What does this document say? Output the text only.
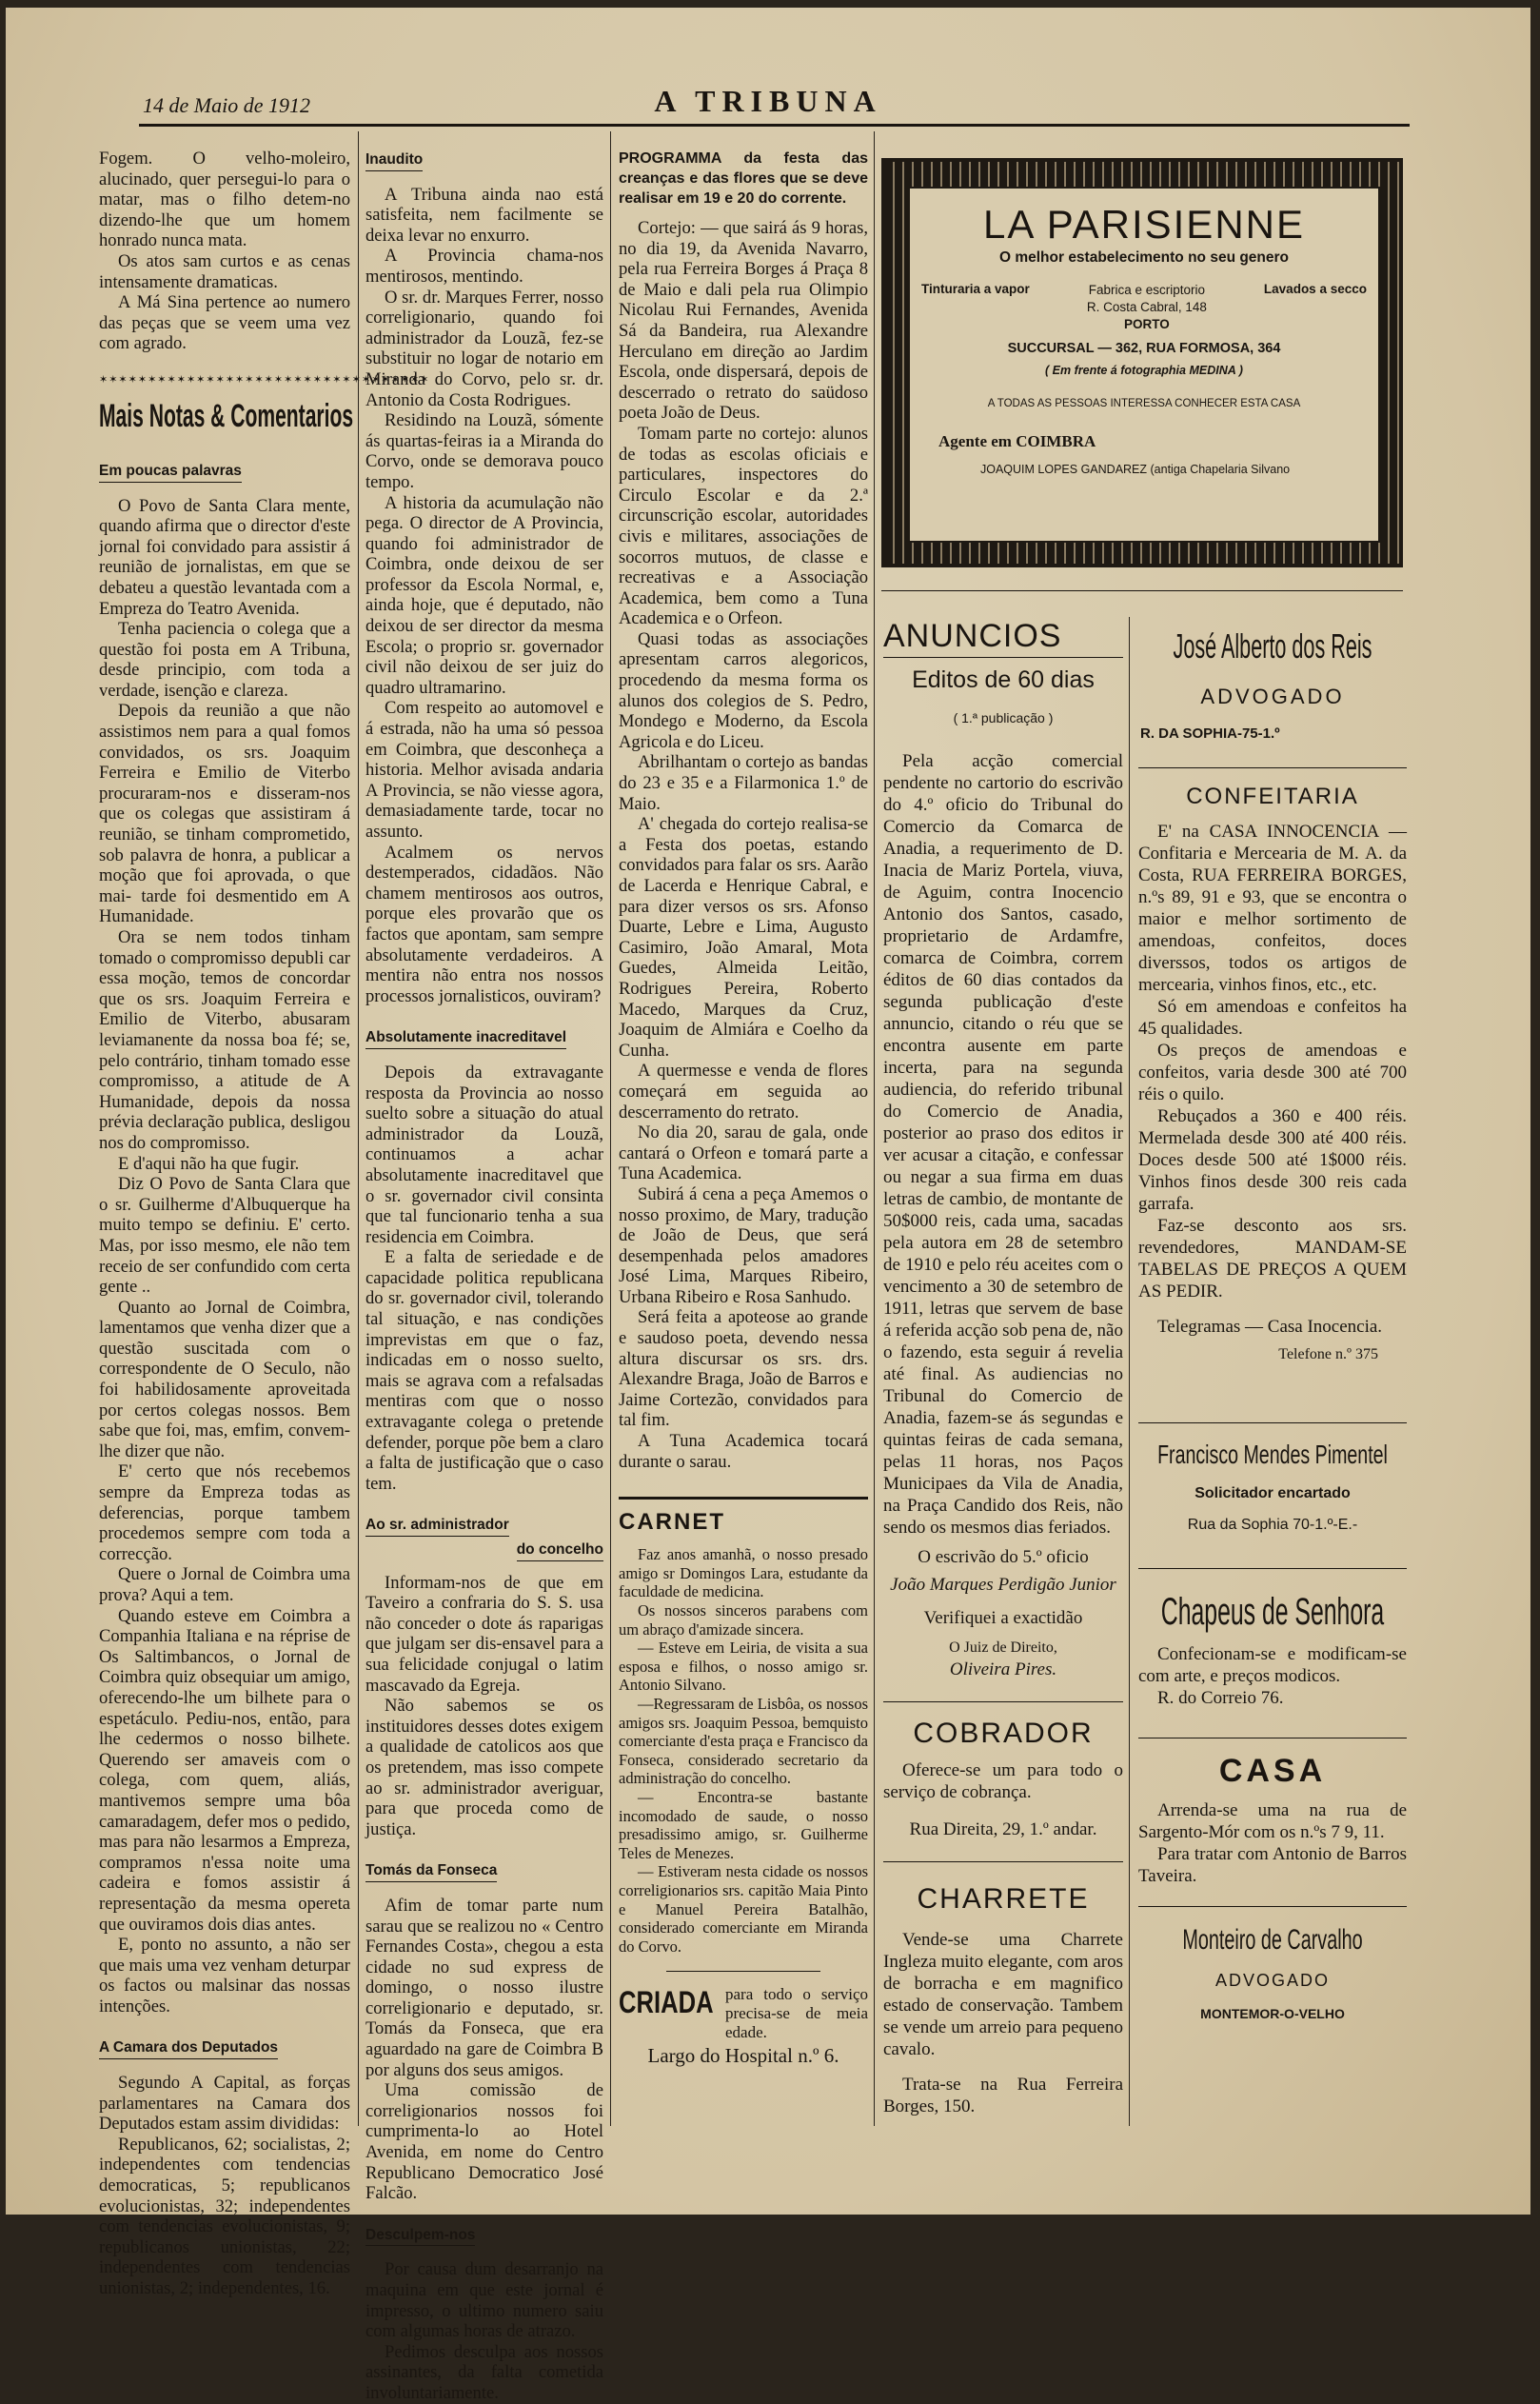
14 de Maio de 1912	A TRIBUNA

Fogem. O velho-moleiro, alucinado, quer persegui-lo para o matar, mas o filho detem-no dizendo-lhe que um homem honrado nunca mata.

Os atos sam curtos e as cenas intensamente dramaticas.

A Má Sina pertence ao numero das peças que se veem uma vez com agrado.

✶✶✶✶✶✶✶✶✶✶✶✶✶✶✶✶✶✶✶✶✶✶✶✶✶✶✶✶✶✶✶✶✶✶
Mais Notas & Comentarios
Em poucas palavras

O Povo de Santa Clara mente, quando afirma que o director d'este jornal foi convidado para assistir á reunião de jornalistas, em que se debateu a questão levantada com a Empreza do Teatro Avenida.

Tenha paciencia o colega que a questão foi posta em A Tribuna, desde principio, com toda a verdade, isenção e clareza.

Depois da reunião a que não assistimos nem para a qual fomos convidados, os srs. Joaquim Ferreira e Emilio de Viterbo procuraram-nos e disseram-nos que os colegas que assistiram á reunião, se tinham comprometido, sob palavra de honra, a publicar a moção que foi aprovada, o que mai- tarde foi desmentido em A Humanidade.

Ora se nem todos tinham tomado o compromisso depubli car essa moção, temos de concordar que os srs. Joaquim Ferreira e Emilio de Viterbo, abusaram leviamanente da nossa boa fé; se, pelo contrário, tinham tomado esse compromisso, a atitude de A Humanidade, depois da nossa prévia declaração publica, desligou nos do compromisso.

E d'aqui não ha que fugir.

Diz O Povo de Santa Clara que o sr. Guilherme d'Albuquerque ha muito tempo se definiu. E' certo. Mas, por isso mesmo, ele não tem receio de ser confundido com certa gente ..

Quanto ao Jornal de Coimbra, lamentamos que venha dizer que a questão suscitada com o correspondente de O Seculo, não foi habilidosamente aproveitada por certos colegas nossos. Bem sabe que foi, mas, emfim, convem-lhe dizer que não.

E' certo que nós recebemos sempre da Empreza todas as deferencias, porque tambem procedemos sempre com toda a correcção.

Quere o Jornal de Coimbra uma prova? Aqui a tem.

Quando esteve em Coimbra a Companhia Italiana e na réprise de Os Saltimbancos, o Jornal de Coimbra quiz obsequiar um amigo, oferecendo-lhe um bilhete para o espetáculo. Pediu-nos, então, para lhe cedermos o nosso bilhete. Querendo ser amaveis com o colega, com quem, aliás, mantivemos sempre uma bôa camaradagem, defer mos o pedido, mas para não lesarmos a Empreza, compramos n'essa noite uma cadeira e fomos assistir á representação da mesma opereta que ouviramos dois dias antes.

E, ponto no assunto, a não ser que mais uma vez venham deturpar os factos ou malsinar das nossas intenções.

A Camara dos Deputados

Segundo A Capital, as forças parlamentares na Camara dos Deputados estam assim divididas:

Republicanos, 62; socialistas, 2; independentes com tendencias democraticas, 5; republicanos evolucionistas, 32; independentes com tendencias evolucionistas, 9; republicanos unionistas, 22; independentes com tendencias unionistas, 2; independentes, 16.

Inaudito

A Tribuna ainda nao está satisfeita, nem facilmente se deixa levar no enxurro.

A Provincia chama-nos mentirosos, mentindo.

O sr. dr. Marques Ferrer, nosso correligionario, quando foi administrador da Louzã, fez-se substituir no logar de notario em Miranda do Corvo, pelo sr. dr. Antonio da Costa Rodrigues.

Residindo na Louzã, sómente ás quartas-feiras ia a Miranda do Corvo, onde se demorava pouco tempo.

A historia da acumulação não pega. O director de A Provincia, quando foi administrador de Coimbra, onde deixou de ser professor da Escola Normal, e, ainda hoje, que é deputado, não deixou de ser director da mesma Escola; o proprio sr. governador civil não deixou de ser juiz do quadro ultramarino.

Com respeito ao automovel e á estrada, não ha uma só pessoa em Coimbra, que desconheça a historia. Melhor avisada andaria A Provincia, se não viesse agora, demasiadamente tarde, tocar no assunto.

Acalmem os nervos destemperados, cidadãos. Não chamem mentirosos aos outros, porque eles provarão que os factos que apontam, sam sempre absolutamente verdadeiros. A mentira não entra nos nossos processos jornalisticos, ouviram?

Absolutamente inacreditavel

Depois da extravagante resposta da Provincia ao nosso suelto sobre a situação do atual administrador da Louzã, continuamos a achar absolutamente inacreditavel que o sr. governador civil consinta que tal funcionario tenha a sua residencia em Coimbra.

E a falta de seriedade e de capacidade politica republicana do sr. governador civil, tolerando tal situação, e nas condições imprevistas em que o faz, indicadas em o nosso suelto, mais se agrava com a refalsadas mentiras com que o nosso extravagante colega o pretende defender, porque põe bem a claro a falta de justificação que o caso tem.

Ao sr. administrador
do concelho

Informam-nos de que em Taveiro a confraria do S. S. usa não conceder o dote ás raparigas que julgam ser dis-ensavel para a sua felicidade conjugal o latim mascavado da Egreja.

Não sabemos se os instituidores desses dotes exigem a qualidade de catolicos aos que os pretendem, mas isso compete ao sr. administrador averiguar, para que proceda como de justiça.

Tomás da Fonseca

Afim de tomar parte num sarau que se realizou no « Centro Fernandes Costa», chegou a esta cidade no sud express de domingo, o nosso ilustre correligionario e deputado, sr. Tomás da Fonseca, que era aguardado na gare de Coimbra B por alguns dos seus amigos.

Uma comissão de correligionarios nossos foi cumprimenta-lo ao Hotel Avenida, em nome do Centro Republicano Democratico José Falcão.

Desculpem-nos

Por causa dum desarranjo na maquina em que este jornal é impresso, o ultimo numero saiu com algumas horas de atrazo.

Pedimos desculpa aos nossos assinantes, da falta cometida involuntariamente.

PROGRAMMA da festa das creanças e das flores que se deve realisar em 19 e 20 do corrente.

Cortejo: — que sairá ás 9 horas, no dia 19, da Avenida Navarro, pela rua Ferreira Borges á Praça 8 de Maio e dali pela rua Olimpio Nicolau Rui Fernandes, Avenida Sá da Bandeira, rua Alexandre Herculano em direção ao Jardim Escola, onde dispersará, depois de descerrado o retrato do saüdoso poeta João de Deus.

Tomam parte no cortejo: alunos de todas as escolas oficiais e particulares, inspectores do Circulo Escolar e da 2.ª circunscrição escolar, autoridades civis e militares, associações de socorros mutuos, de classe e recreativas e a Associação Academica, bem como a Tuna Academica e o Orfeon.

Quasi todas as associações apresentam carros alegoricos, procedendo da mesma forma os alunos dos colegios de S. Pedro, Mondego e Moderno, da Escola Agricola e do Liceu.

Abrilhantam o cortejo as bandas do 23 e 35 e a Filarmonica 1.º de Maio.

A' chegada do cortejo realisa-se a Festa dos poetas, estando convidados para falar os srs. Aarão de Lacerda e Henrique Cabral, e para dizer versos os srs. Afonso Duarte, Lebre e Lima, Augusto Casimiro, João Amaral, Mota Guedes, Almeida Leitão, Rodrigues Pereira, Roberto Macedo, Marques da Cruz, Joaquim de Almiára e Coelho da Cunha.

A quermesse e venda de flores começará em seguida ao descerramento do retrato.

No dia 20, sarau de gala, onde cantará o Orfeon e tomará parte a Tuna Academica.

Subirá á cena a peça Amemos o nosso proximo, de Mary, tradução de João de Deus, que será desempenhada pelos amadores José Lima, Marques Ribeiro, Urbana Ribeiro e Rosa Sanhudo.

Será feita a apoteose ao grande e saudoso poeta, devendo nessa altura discursar os srs. drs. Alexandre Braga, João de Barros e Jaime Cortezão, convidados para tal fim.

A Tuna Academica tocará durante o sarau.

CARNET

Faz anos amanhã, o nosso presado amigo sr Domingos Lara, estudante da faculdade de medicina.

Os nossos sinceros parabens com um abraço d'amizade sincera.

— Esteve em Leiria, de visita a sua esposa e filhos, o nosso amigo sr. Antonio Silvano.

—Regressaram de Lisbôa, os nossos amigos srs. Joaquim Pessoa, bemquisto comerciante d'esta praça e Francisco da Fonseca, considerado secretario da administração do concelho.

— Encontra-se bastante incomodado de saude, o nosso presadissimo amigo, sr. Guilherme Teles de Menezes.

— Estiveram nesta cidade os nossos correligionarios srs. capitão Maia Pinto e Manuel Pereira Batalhão, considerado comerciante em Miranda do Corvo.

CRIADA para todo o serviço precisa-se de meia edade.

Largo do Hospital n.º 6.

LA PARISIENNE
O melhor estabelecimento no seu genero
Tinturaria a vapor	Fabrica e escriptorio
R. Costa Cabral, 148
PORTO
Lavados a secco
SUCCURSAL — 362, RUA FORMOSA, 364
( Em frente á fotographia MEDINA )
A TODAS AS PESSOAS INTERESSA CONHECER ESTA CASA
Agente em COIMBRA
JOAQUIM LOPES GANDAREZ (antiga Chapelaria Silvano
ANUNCIOS
Editos de 60 dias
( 1.ª publicação )

Pela acção comercial pendente no cartorio do escrivão do 4.º oficio do Tribunal do Comercio da Comarca de Anadia, a requerimento de D. Inacia de Mariz Portela, viuva, de Aguim, contra Inocencio Antonio dos Santos, casado, proprietario de Ardamfre, comarca de Coimbra, correm éditos de 60 dias contados da segunda publicação d'este annuncio, citando o réu que se encontra ausente em parte incerta, para na segunda audiencia, do referido tribunal do Comercio de Anadia, posterior ao praso dos editos ir ver acusar a citação, e confessar ou negar a sua firma em duas letras de cambio, de montante de 50$000 reis, cada uma, sacadas pela autora em 28 de setembro de 1910 e pelo réu aceites com o vencimento a 30 de setembro de 1911, letras que servem de base á referida acção sob pena de, não o fazendo, esta seguir á revelia até final. As audiencias no Tribunal do Comercio de Anadia, fazem-se ás segundas e quintas feiras de cada semana, pelas 11 horas, nos Paços Municipaes da Vila de Anadia, na Praça Candido dos Reis, não sendo os mesmos dias feriados.

O escrivão do 5.º oficio

João Marques Perdigão Junior

Verifiquei a exactidão

O Juiz de Direito,

Oliveira Pires.

COBRADOR

Oferece-se um para todo o serviço de cobrança.

Rua Direita, 29, 1.º andar.

CHARRETE

Vende-se uma Charrete Ingleza muito elegante, com aros de borracha e em magnifico estado de conservação. Tambem se vende um arreio para pequeno cavalo.

Trata-se na Rua Ferreira Borges, 150.

José Alberto dos Reis
ADVOGADO
R. DA SOPHIA-75-1.º
CONFEITARIA

E' na CASA INNOCENCIA — Confitaria e Mercearia de M. A. da Costa, RUA FERREIRA BORGES, n.ºs 89, 91 e 93, que se encontra o maior e melhor sortimento de amendoas, confeitos, doces diverssos, todos os artigos de mercearia, vinhos finos, etc., etc.

Só em amendoas e confeitos ha 45 qualidades.

Os preços de amendoas e confeitos, varia desde 300 até 700 réis o quilo.

Rebuçados a 360 e 400 réis. Mermelada desde 300 até 400 réis. Doces desde 500 até 1$000 réis. Vinhos finos desde 300 reis cada garrafa.

Faz-se desconto aos srs. revendedores, MANDAM-SE TABELAS DE PREÇOS A QUEM AS PEDIR.

Telegramas — Casa Inocencia.

Telefone n.º 375

Francisco Mendes Pimentel
Solicitador encartado
Rua da Sophia 70-1.º-E.-
Chapeus de Senhora

Confecionam-se e modificam-se com arte, e preços modicos.

R. do Correio 76.

CASA

Arrenda-se uma na rua de Sargento-Mór com os n.ºs 7 9, 11.

Para tratar com Antonio de Barros Taveira.

Monteiro de Carvalho
ADVOGADO
MONTEMOR-O-VELHO
